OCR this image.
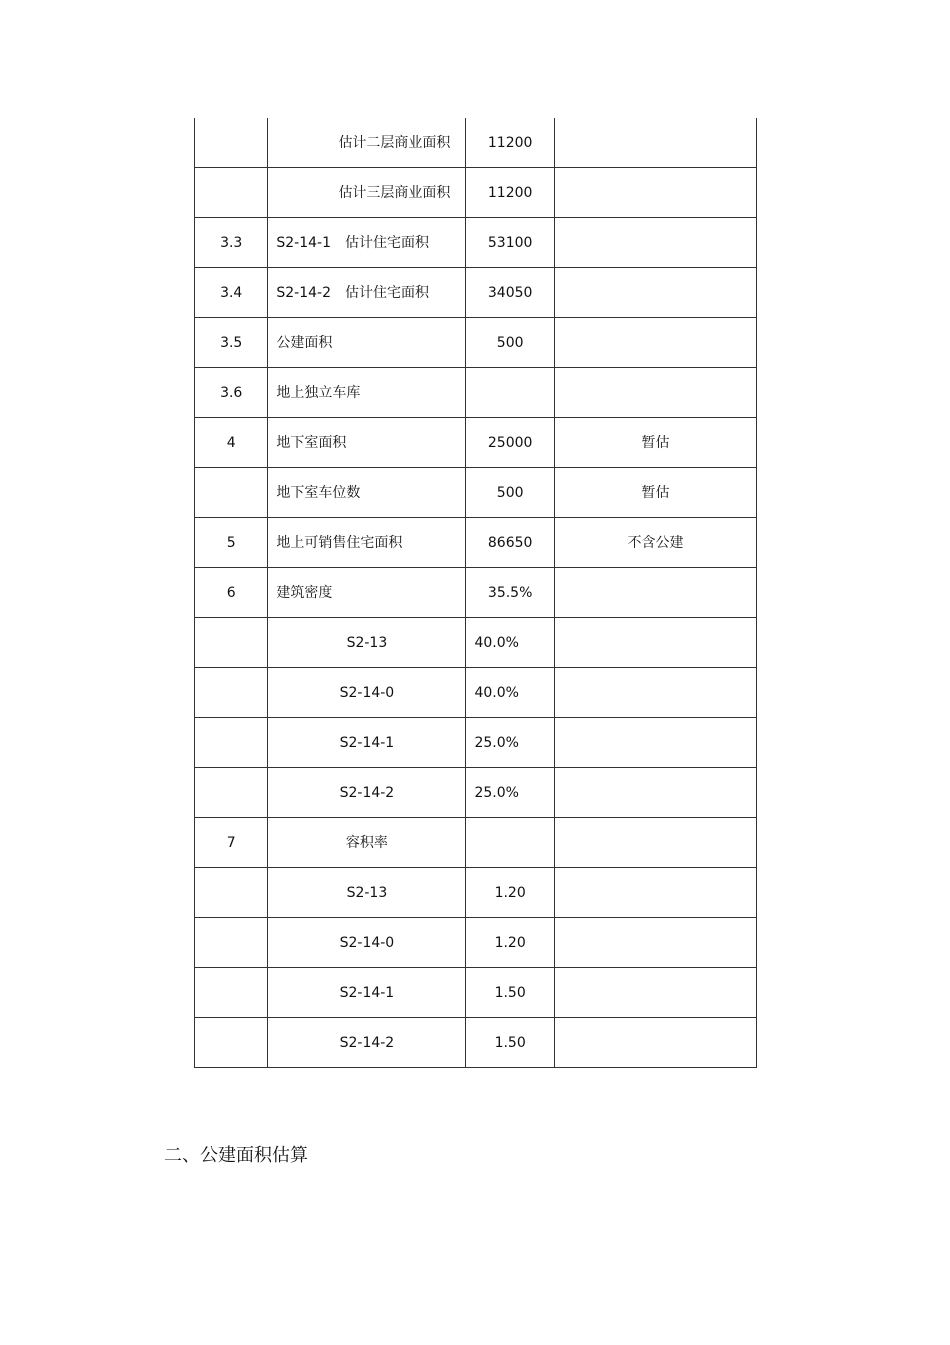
	估计二层商业面积	11200	
	估计三层商业面积	11200	
3.3	S2-14-1　估计住宅面积	53100	
3.4	S2-14-2　估计住宅面积	34050	
3.5	公建面积	500	
3.6	地上独立车库		
4	地下室面积	25000	暂估
	地下室车位数	500	暂估
5	地上可销售住宅面积	86650	不含公建
6	建筑密度	35.5%	
	S2-13	40.0%	
	S2-14-0	40.0%	
	S2-14-1	25.0%	
	S2-14-2	25.0%	
7	容积率		
	S2-13	1.20	
	S2-14-0	1.20	
	S2-14-1	1.50	
	S2-14-2	1.50	
二、公建面积估算
